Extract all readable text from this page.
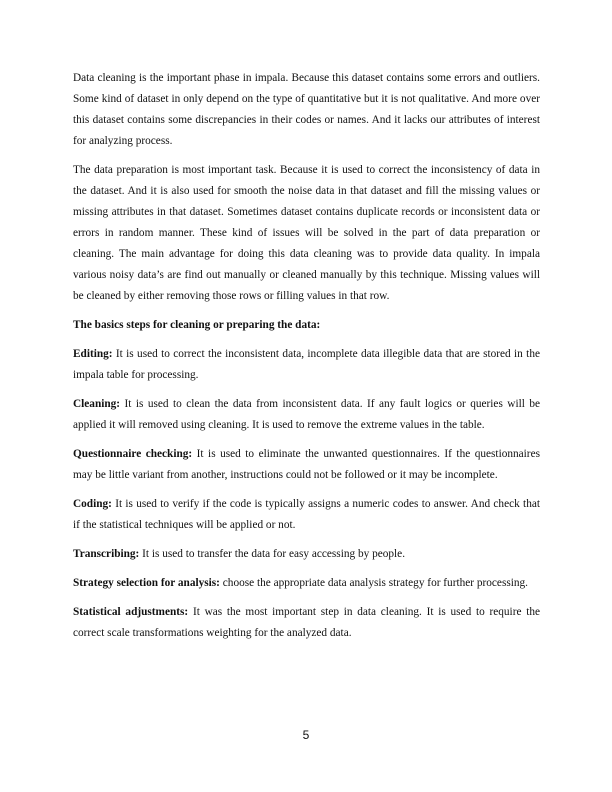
Data cleaning is the important phase in impala. Because this dataset contains some errors and outliers. Some kind of dataset in only depend on the type of quantitative but it is not qualitative. And more over this dataset contains some discrepancies in their codes or names. And it lacks our attributes of interest for analyzing process.

The data preparation is most important task. Because it is used to correct the inconsistency of data in the dataset. And it is also used for smooth the noise data in that dataset and fill the missing values or missing attributes in that dataset. Sometimes dataset contains duplicate records or inconsistent data or errors in random manner. These kind of issues will be solved in the part of data preparation or cleaning. The main advantage for doing this data cleaning was to provide data quality. In impala various noisy data’s are find out manually or cleaned manually by this technique. Missing values will be cleaned by either removing those rows or filling values in that row.

The basics steps for cleaning or preparing the data:

Editing: It is used to correct the inconsistent data, incomplete data illegible data that are stored in the impala table for processing.

Cleaning: It is used to clean the data from inconsistent data. If any fault logics or queries will be applied it will removed using cleaning. It is used to remove the extreme values in the table.

Questionnaire checking: It is used to eliminate the unwanted questionnaires. If the questionnaires may be little variant from another, instructions could not be followed or it may be incomplete.

Coding: It is used to verify if the code is typically assigns a numeric codes to answer. And check that if the statistical techniques will be applied or not.

Transcribing: It is used to transfer the data for easy accessing by people.

Strategy selection for analysis: choose the appropriate data analysis strategy for further processing.

Statistical adjustments: It was the most important step in data cleaning. It is used to require the correct scale transformations weighting for the analyzed data.

5
